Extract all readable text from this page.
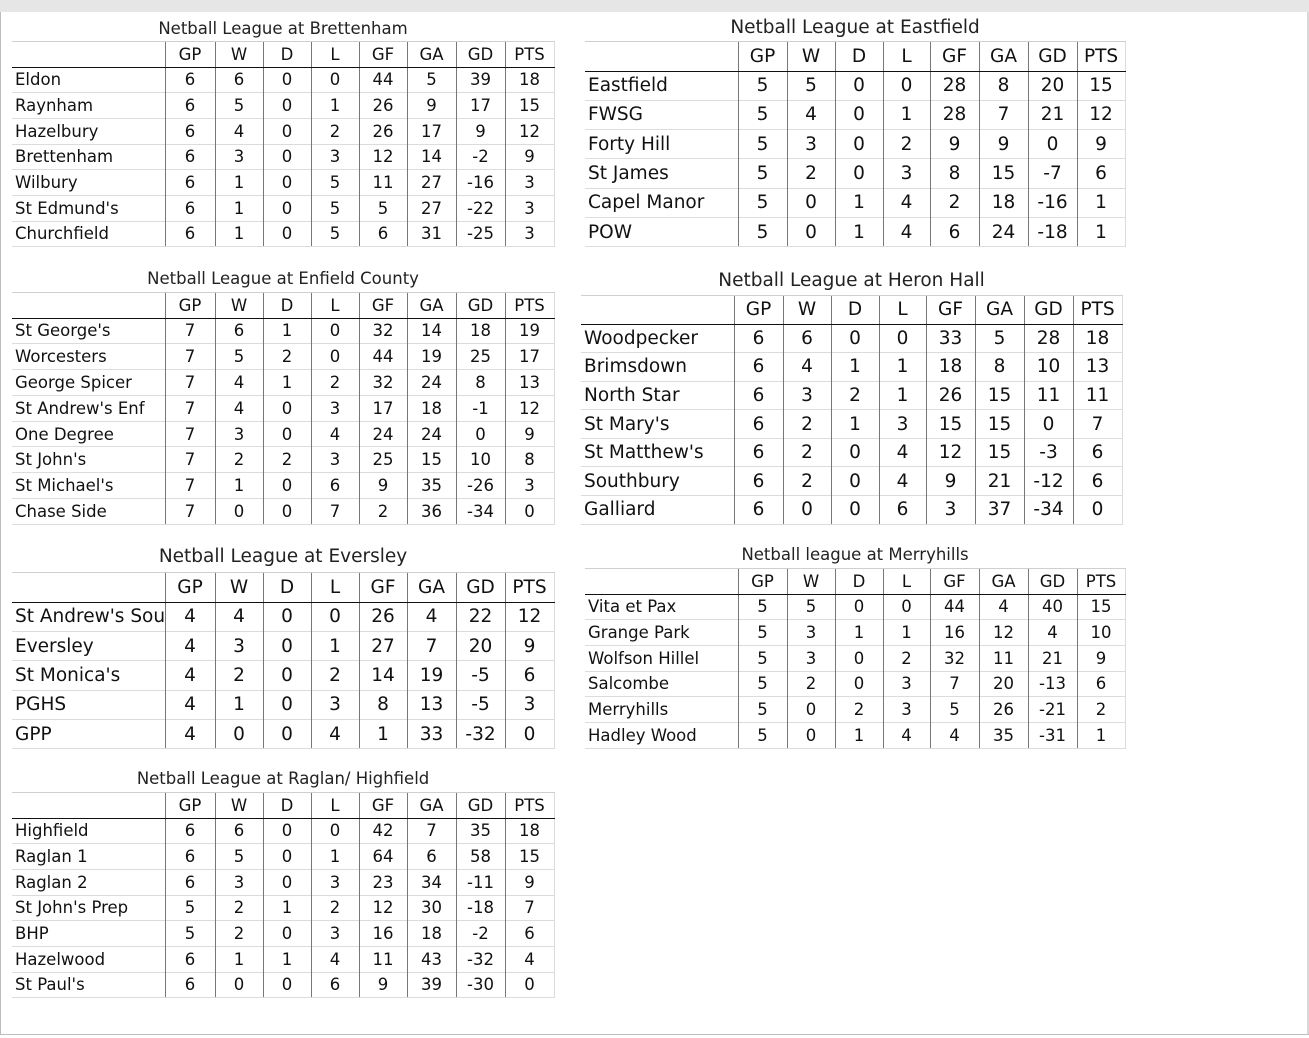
Netball League at Brettenham								
	GP	W	D	L	GF	GA	GD	PTS
Eldon	6	6	0	0	44	5	39	18
Raynham	6	5	0	1	26	9	17	15
Hazelbury	6	4	0	2	26	17	9	12
Brettenham	6	3	0	3	12	14	-2	9
Wilbury	6	1	0	5	11	27	-16	3
St Edmund's	6	1	0	5	5	27	-22	3
Churchfield	6	1	0	5	6	31	-25	3
Netball League at Eastfield								
	GP	W	D	L	GF	GA	GD	PTS
Eastfield	5	5	0	0	28	8	20	15
FWSG	5	4	0	1	28	7	21	12
Forty Hill	5	3	0	2	9	9	0	9
St James	5	2	0	3	8	15	-7	6
Capel Manor	5	0	1	4	2	18	-16	1
POW	5	0	1	4	6	24	-18	1
Netball League at Enfield County								
	GP	W	D	L	GF	GA	GD	PTS
St George's	7	6	1	0	32	14	18	19
Worcesters	7	5	2	0	44	19	25	17
George Spicer	7	4	1	2	32	24	8	13
St Andrew's Enf	7	4	0	3	17	18	-1	12
One Degree	7	3	0	4	24	24	0	9
St John's	7	2	2	3	25	15	10	8
St Michael's	7	1	0	6	9	35	-26	3
Chase Side	7	0	0	7	2	36	-34	0
Netball League at Heron Hall								
	GP	W	D	L	GF	GA	GD	PTS
Woodpecker	6	6	0	0	33	5	28	18
Brimsdown	6	4	1	1	18	8	10	13
North Star	6	3	2	1	26	15	11	11
St Mary's	6	2	1	3	15	15	0	7
St Matthew's	6	2	0	4	12	15	-3	6
Southbury	6	2	0	4	9	21	-12	6
Galliard	6	0	0	6	3	37	-34	0
Netball League at Eversley								
	GP	W	D	L	GF	GA	GD	PTS
St Andrew's Sou	4	4	0	0	26	4	22	12
Eversley	4	3	0	1	27	7	20	9
St Monica's	4	2	0	2	14	19	-5	6
PGHS	4	1	0	3	8	13	-5	3
GPP	4	0	0	4	1	33	-32	0
Netball league at Merryhills								
	GP	W	D	L	GF	GA	GD	PTS
Vita et Pax	5	5	0	0	44	4	40	15
Grange Park	5	3	1	1	16	12	4	10
Wolfson Hillel	5	3	0	2	32	11	21	9
Salcombe	5	2	0	3	7	20	-13	6
Merryhills	5	0	2	3	5	26	-21	2
Hadley Wood	5	0	1	4	4	35	-31	1
Netball League at Raglan/ Highfield								
	GP	W	D	L	GF	GA	GD	PTS
Highfield	6	6	0	0	42	7	35	18
Raglan 1	6	5	0	1	64	6	58	15
Raglan 2	6	3	0	3	23	34	-11	9
St John's Prep	5	2	1	2	12	30	-18	7
BHP	5	2	0	3	16	18	-2	6
Hazelwood	6	1	1	4	11	43	-32	4
St Paul's	6	0	0	6	9	39	-30	0
